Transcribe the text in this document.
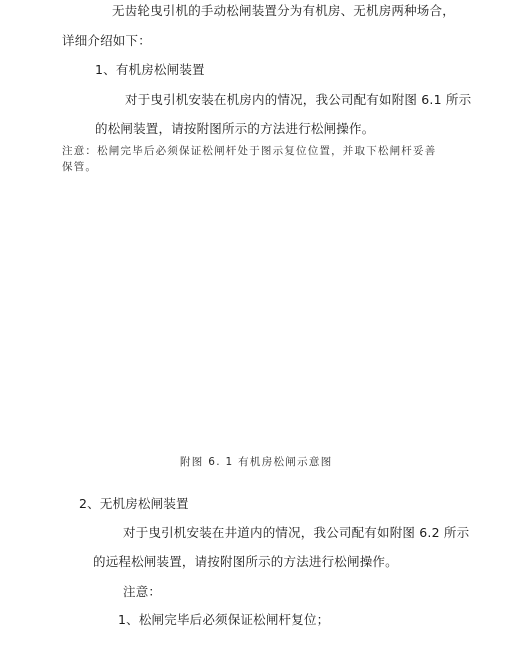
无齿轮曳引机的手动松闸装置分为有机房、无机房两种场合，
详细介绍如下：
1、有机房松闸装置
对于曳引机安装在机房内的情况，我公司配有如附图 6.1 所示
的松闸装置，请按附图所示的方法进行松闸操作。
注意：松闸完毕后必须保证松闸杆处于图示复位位置，并取下松闸杆妥善
保管。
附图 6. 1 有机房松闸示意图
2、无机房松闸装置
对于曳引机安装在井道内的情况，我公司配有如附图 6.2 所示
的远程松闸装置，请按附图所示的方法进行松闸操作。
注意：
1、松闸完毕后必须保证松闸杆复位；
